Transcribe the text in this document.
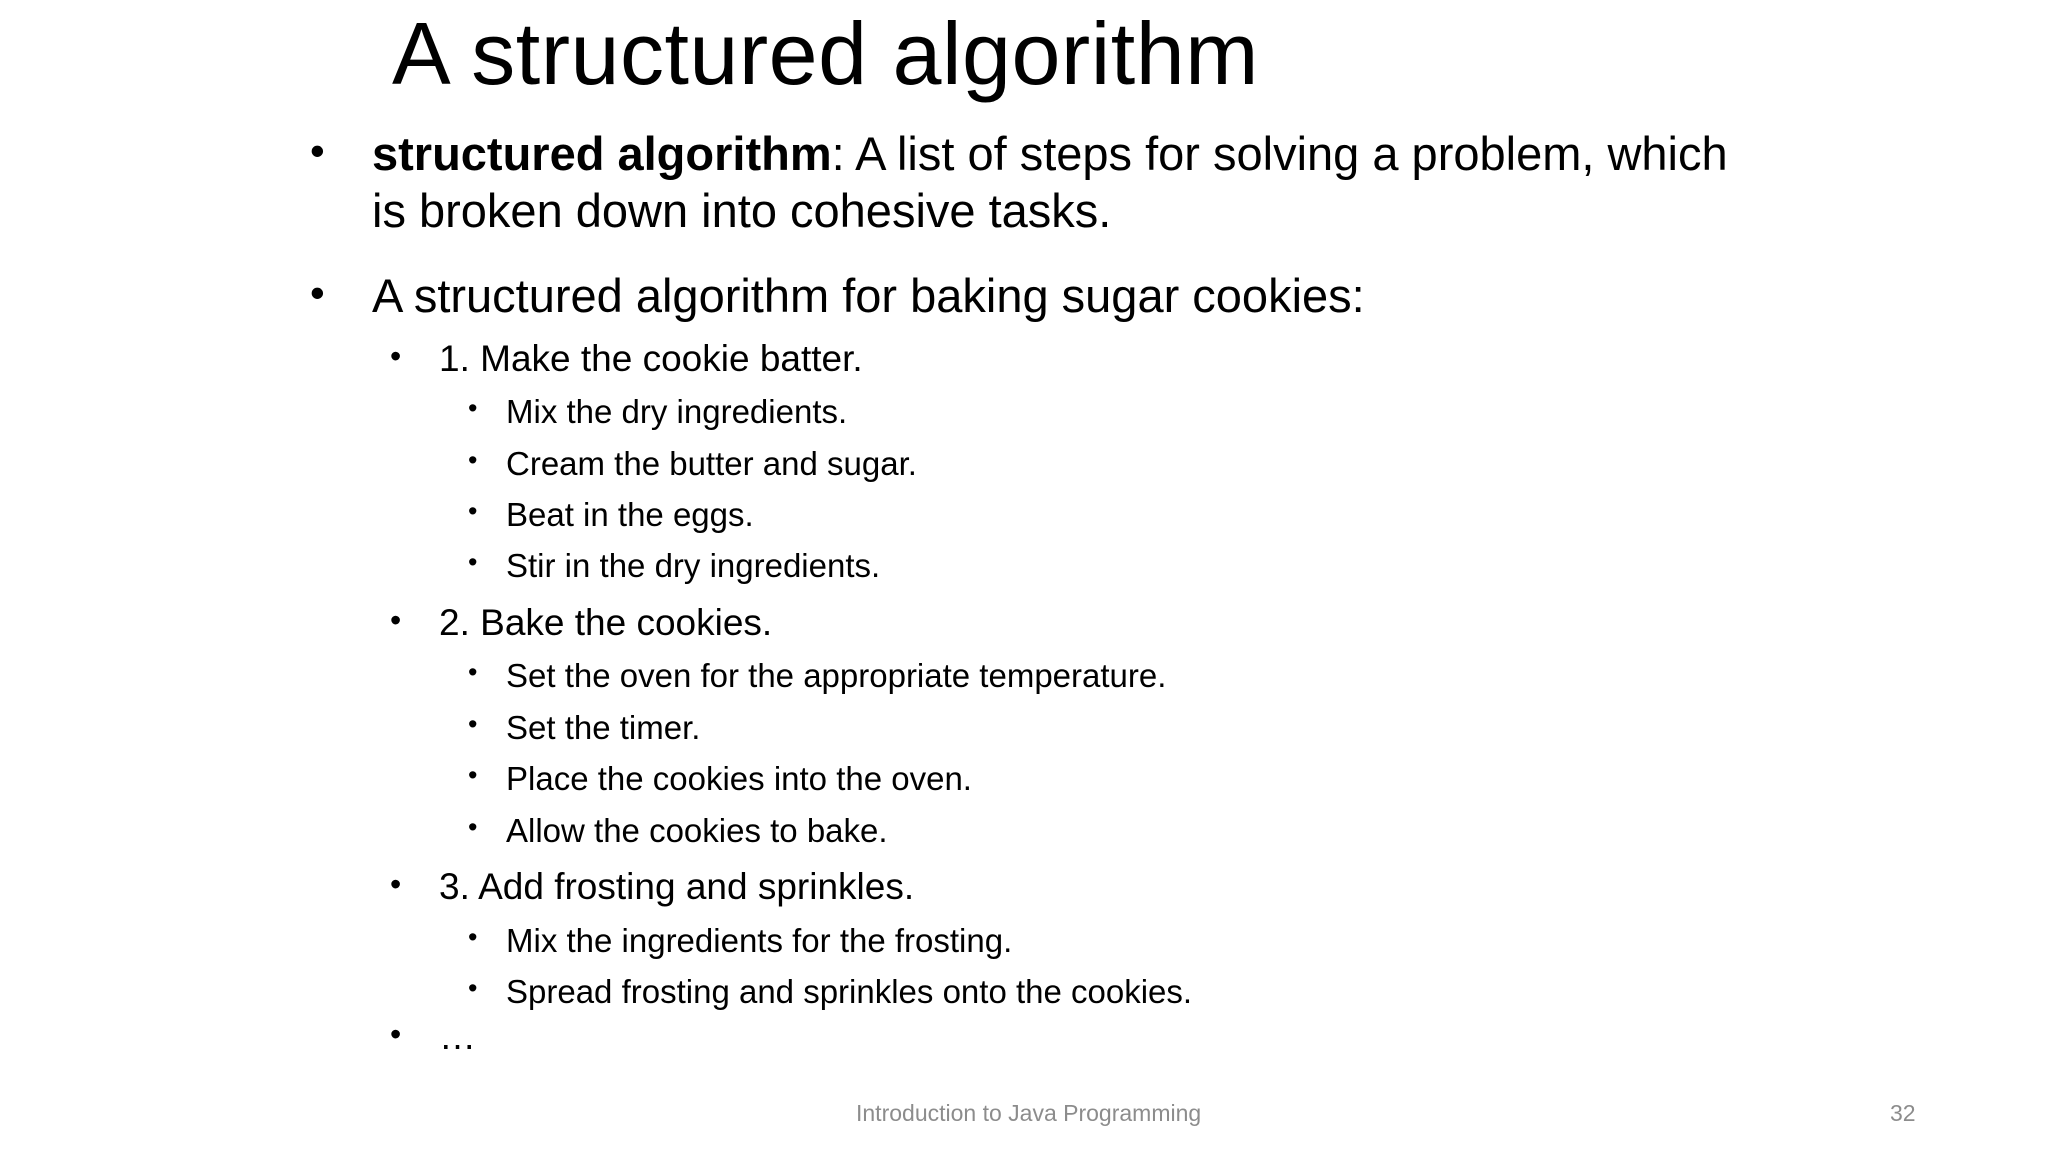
A structured algorithm
• structured algorithm: A list of steps for solving a problem, which
is broken down into cohesive tasks.
• A structured algorithm for baking sugar cookies:
• 1. Make the cookie batter.
• Mix the dry ingredients.
• Cream the butter and sugar.
• Beat in the eggs.
• Stir in the dry ingredients.
• 2. Bake the cookies.
• Set the oven for the appropriate temperature.
• Set the timer.
• Place the cookies into the oven.
• Allow the cookies to bake.
• 3. Add frosting and sprinkles.
• Mix the ingredients for the frosting.
• Spread frosting and sprinkles onto the cookies.
• …
Introduction to Java Programming	32
